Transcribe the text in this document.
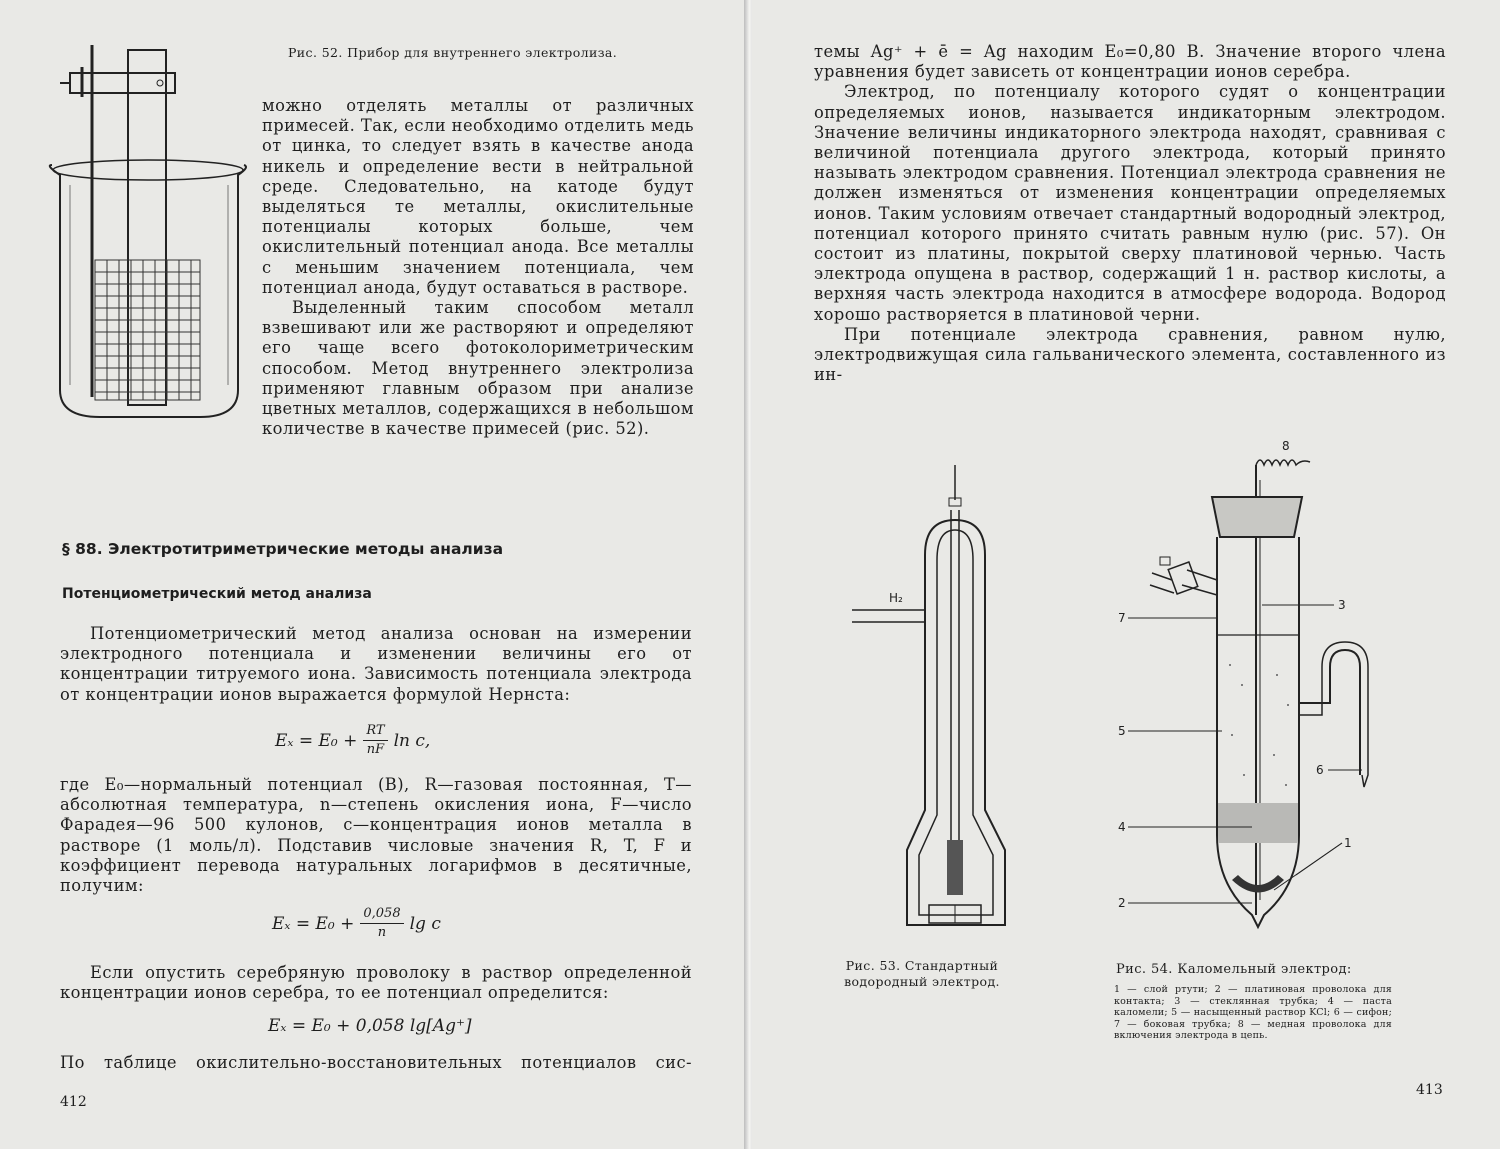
Рис. 52. Прибор для внутреннего электролиза.

можно отделять металлы от различных примесей. Так, если необходимо отделить медь от цинка, то следует взять в качестве анода никель и определение вести в нейтральной среде. Следовательно, на катоде будут выделяться те металлы, окислительные потенциалы которых больше, чем окислительный потенциал анода. Все металлы с меньшим значением потенциала, чем потенциал анода, будут оставаться в растворе.

Выделенный таким способом металл взвешивают или же растворяют и определяют его чаще всего фотоколориметрическим способом. Метод внутреннего электролиза применяют главным образом при анализе цветных металлов, содержащихся в небольшом количестве в качестве примесей (рис. 52).

§ 88. Электротитриметрические методы анализа
Потенциометрический метод анализа

Потенциометрический метод анализа основан на измерении электродного потенциала и изменении величины его от концентрации титруемого иона. Зависимость потенциала электрода от концентрации ионов выражается формулой Нернста:

$E_x = E_0 + \frac{RT}{nF}$ ln c,

где E₀—нормальный потенциал (В), R—газовая постоянная, T—абсолютная температура, n—степень окисления иона, F—число Фарадея—96 500 кулонов, c—концентрация ионов металла в растворе (1 моль/л). Подставив числовые значения R, T, F и коэффициент перевода натуральных логарифмов в десятичные, получим:

$E_x = E_0 + \frac{0,058}{n}$ lg c

Если опустить серебряную проволоку в раствор определенной концентрации ионов серебра, то ее потенциал определится:

Eₓ = E₀ + 0,058 lg[Ag⁺]

По таблице окислительно-восстановительных потенциалов сис-

412

темы Ag⁺ + ē = Ag находим E₀=0,80 В. Значение второго члена уравнения будет зависеть от концентрации ионов серебра.

Электрод, по потенциалу которого судят о концентрации определяемых ионов, называется индикаторным электродом. Значение величины индикаторного электрода находят, сравнивая с величиной потенциала другого электрода, который принято называть электродом сравнения. Потенциал электрода сравнения не должен изменяться от изменения концентрации определяемых ионов. Таким условиям отвечает стандартный водородный электрод, потенциал которого принято считать равным нулю (рис. 57). Он состоит из платины, покрытой сверху платиновой чернью. Часть электрода опущена в раствор, содержащий 1 н. раствор кислоты, а верхняя часть электрода находится в атмосфере водорода. Водород хорошо растворяется в платиновой черни.

При потенциале электрода сравнения, равном нулю, электродвижущая сила гальванического элемента, составленного из ин-

H₂
Рис. 53. Стандартный водородный электрод.
1
2
3
4
5
6
7
8
Рис. 54. Каломельный электрод:
1 — слой ртути; 2 — платиновая проволока для контакта; 3 — стеклянная трубка; 4 — паста каломели; 5 — насыщенный раствор KCl; 6 — сифон; 7 — боковая трубка; 8 — медная проволока для включения электрода в цепь.
413
